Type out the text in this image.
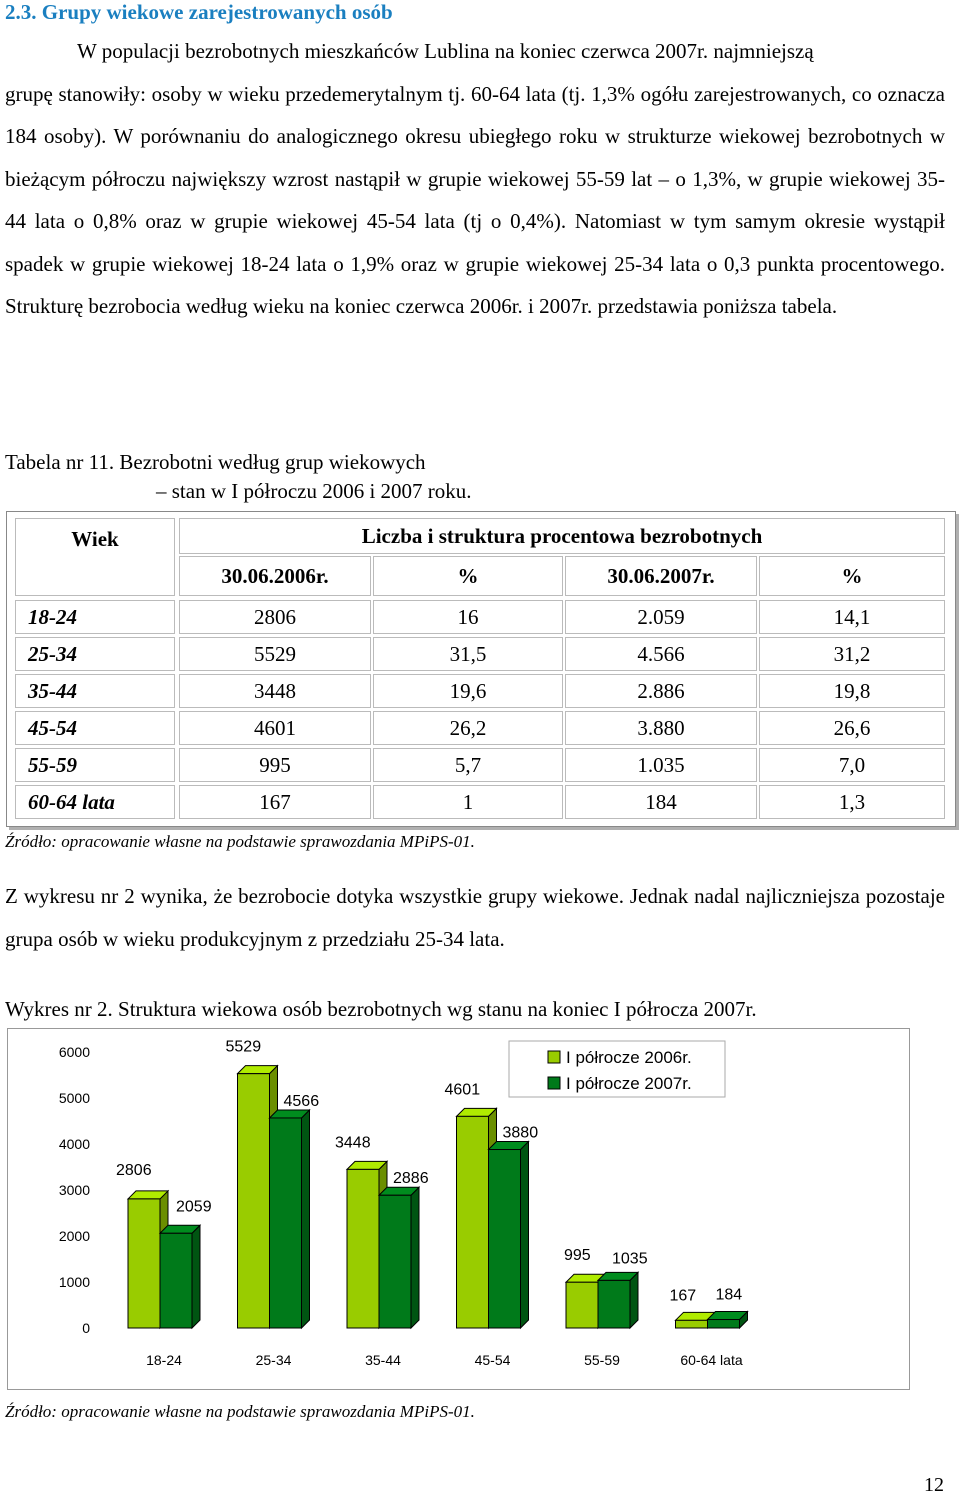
2.3. Grupy wiekowe zarejestrowanych osób
W populacji bezrobotnych mieszkańców Lublina na koniec czerwca 2007r. najmniejszą
grupę stanowiły: osoby w wieku przedemerytalnym tj. 60-64 lata (tj. 1,3% ogółu zarejestrowanych, co oznacza 184 osoby). W porównaniu do analogicznego okresu ubiegłego roku w strukturze wiekowej bezrobotnych w bieżącym półroczu największy wzrost nastąpił w grupie wiekowej 55-59 lat – o 1,3%, w grupie wiekowej 35-44 lata o 0,8% oraz w grupie wiekowej 45-54 lata (tj o 0,4%). Natomiast w tym samym okresie wystąpił spadek w grupie wiekowej 18-24 lata o 1,9% oraz w grupie wiekowej 25-34 lata o 0,3 punkta procentowego. Strukturę bezrobocia według wieku na koniec czerwca 2006r. i 2007r. przedstawia poniższa tabela.
Tabela nr 11. Bezrobotni według grup wiekowych
– stan w I półroczu 2006 i 2007 roku.
Wiek	Liczba i struktura procentowa bezrobotnych
30.06.2006r.	%	30.06.2007r.	%
18-24	2806	16	2.059	14,1
25-34	5529	31,5	4.566	31,2
35-44	3448	19,6	2.886	19,8
45-54	4601	26,2	3.880	26,6
55-59	995	5,7	1.035	7,0
60-64 lata	167	1	184	1,3
Źródło: opracowanie własne na podstawie sprawozdania MPiPS-01.
Z wykresu nr 2 wynika, że bezrobocie dotyka wszystkie grupy wiekowe. Jednak nadal najliczniejsza pozostaje grupa osób w wieku produkcyjnym z przedziału 25-34 lata.
Wykres nr 2. Struktura wiekowa osób bezrobotnych wg stanu na koniec I półrocza 2007r.
0
1000
2000
3000
4000
5000
6000
2806
2059
18-24
5529
4566
25-34
3448
2886
35-44
4601
3880
45-54
995 1035
55-59
167 184
60-64 lata
I półrocze 2006r.
I półrocze 2007r.
Źródło: opracowanie własne na podstawie sprawozdania MPiPS-01.
12
